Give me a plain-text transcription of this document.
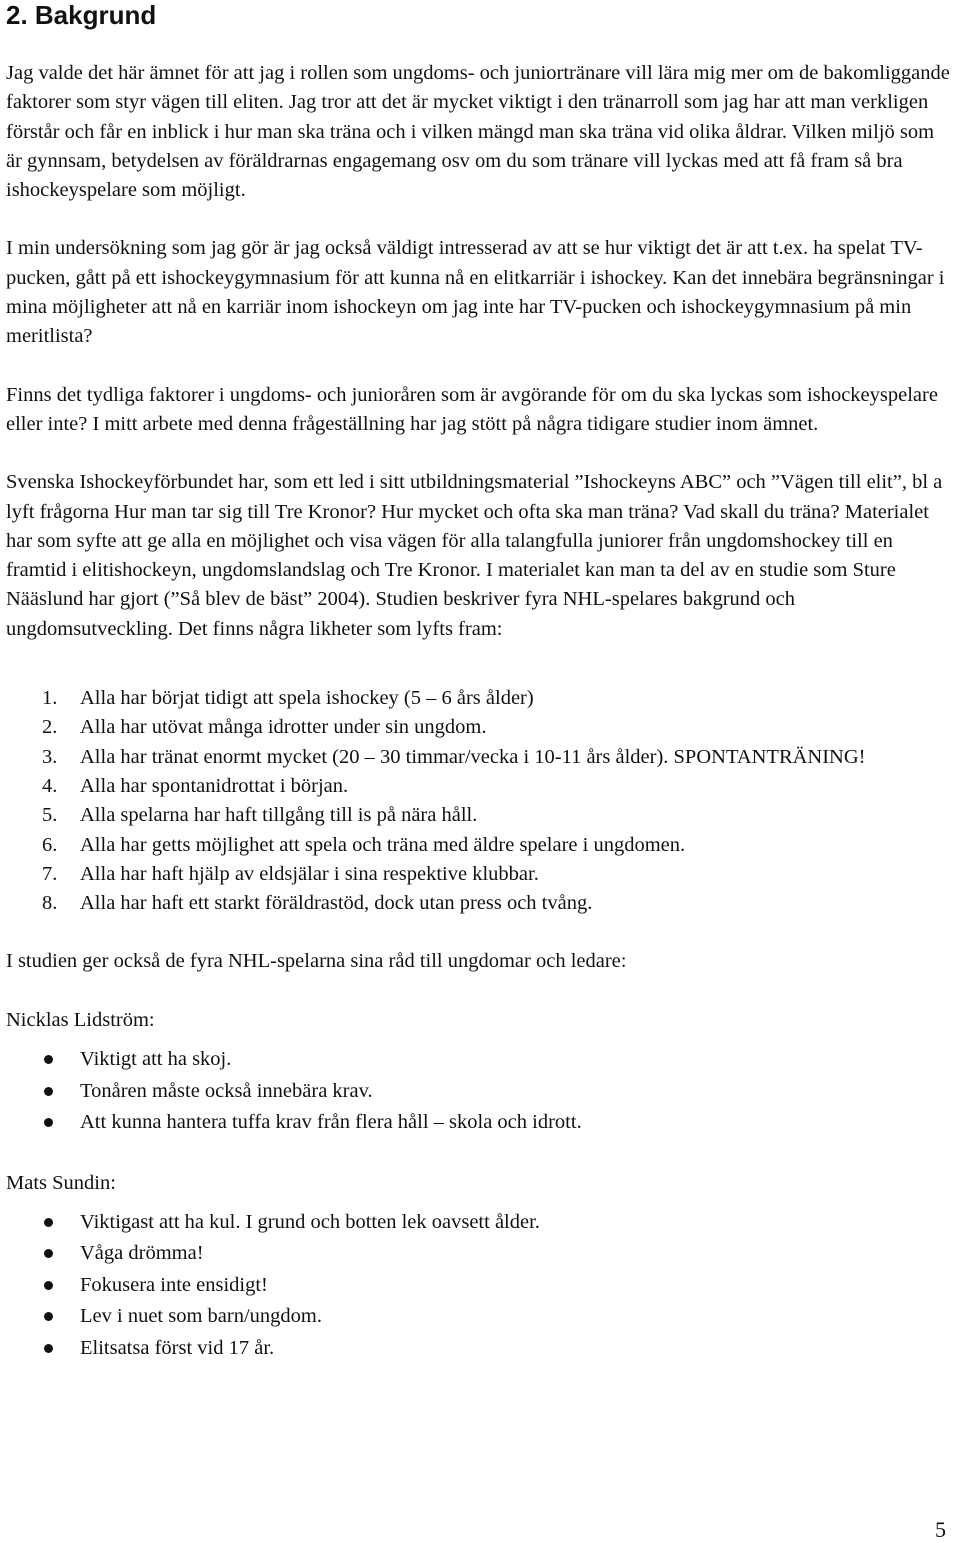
2. Bakgrund

Jag valde det här ämnet för att jag i rollen som ungdoms- och juniortränare vill lära mig mer om de bakomliggande faktorer som styr vägen till eliten. Jag tror att det är mycket viktigt i den tränarroll som jag har att man verkligen förstår och får en inblick i hur man ska träna och i vilken mängd man ska träna vid olika åldrar. Vilken miljö som är gynnsam, betydelsen av föräldrarnas engagemang osv om du som tränare vill lyckas med att få fram så bra ishockeyspelare som möjligt.

I min undersökning som jag gör är jag också väldigt intresserad av att se hur viktigt det är att t.ex. ha spelat TV-pucken, gått på ett ishockeygymnasium för att kunna nå en elitkarriär i ishockey. Kan det innebära begränsningar i mina möjligheter att nå en karriär inom ishockeyn om jag inte har TV-pucken och ishockeygymnasium på min meritlista?

Finns det tydliga faktorer i ungdoms- och junioråren som är avgörande för om du ska lyckas som ishockeyspelare eller inte? I mitt arbete med denna frågeställning har jag stött på några tidigare studier inom ämnet.

Svenska Ishockeyförbundet har, som ett led i sitt utbildningsmaterial ”Ishockeyns ABC” och ”Vägen till elit”, bl a lyft frågorna Hur man tar sig till Tre Kronor? Hur mycket och ofta ska man träna? Vad skall du träna? Materialet har som syfte att ge alla en möjlighet och visa vägen för alla talangfulla juniorer från ungdomshockey till en framtid i elitishockeyn, ungdomslandslag och Tre Kronor. I materialet kan man ta del av en studie som Sture Nääslund har gjort (”Så blev de bäst” 2004). Studien beskriver fyra NHL-spelares bakgrund och ungdomsutveckling. Det finns några likheter som lyfts fram:

1. Alla har börjat tidigt att spela ishockey (5 – 6 års ålder)
2. Alla har utövat många idrotter under sin ungdom.
3. Alla har tränat enormt mycket (20 – 30 timmar/vecka i 10-11 års ålder). SPONTANTRÄNING!
4. Alla har spontanidrottat i början.
5. Alla spelarna har haft tillgång till is på nära håll.
6. Alla har getts möjlighet att spela och träna med äldre spelare i ungdomen.
7. Alla har haft hjälp av eldsjälar i sina respektive klubbar.
8. Alla har haft ett starkt föräldrastöd, dock utan press och tvång.

I studien ger också de fyra NHL-spelarna sina råd till ungdomar och ledare:

Nicklas Lidström:
Viktigt att ha skoj.
Tonåren måste också innebära krav.
Att kunna hantera tuffa krav från flera håll – skola och idrott.
Mats Sundin:
Viktigast att ha kul. I grund och botten lek oavsett ålder.
Våga drömma!
Fokusera inte ensidigt!
Lev i nuet som barn/ungdom.
Elitsatsa först vid 17 år.
5
